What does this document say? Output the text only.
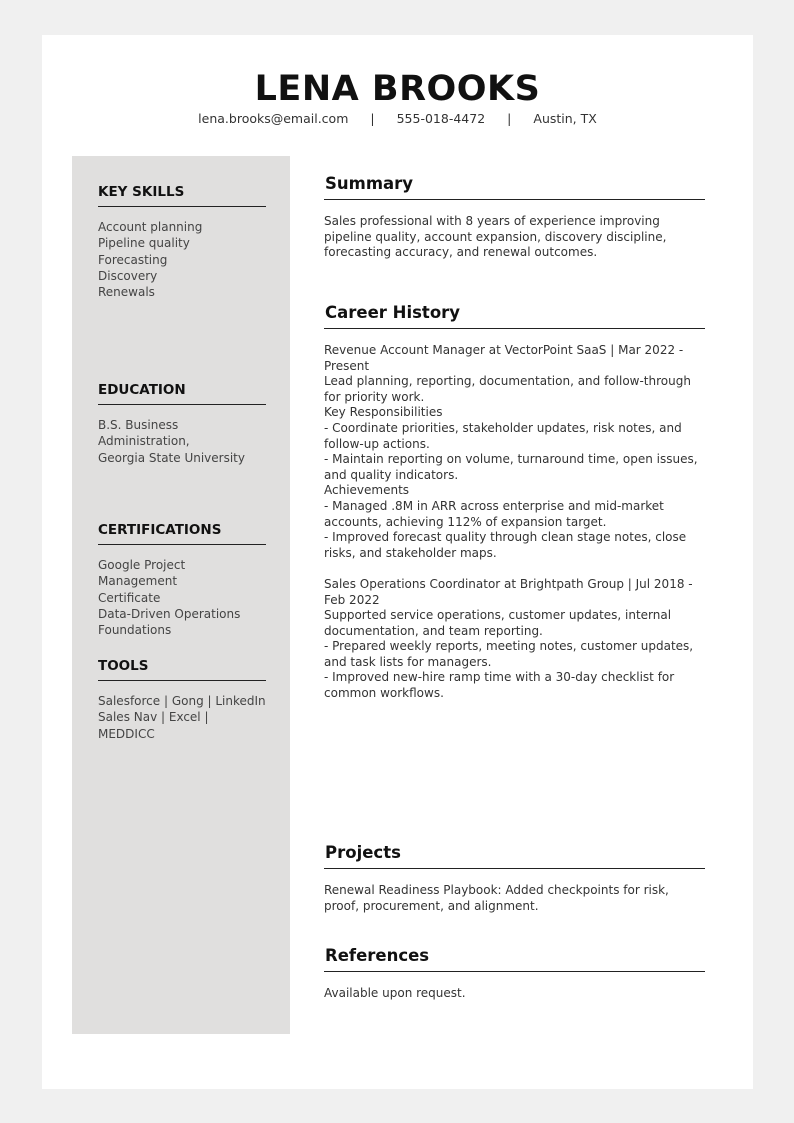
LENA BROOKS
lena.brooks@email.com | 555-018-4472 | Austin, TX
KEY SKILLS
Account planning
Pipeline quality
Forecasting
Discovery
Renewals
EDUCATION
B.S. Business Administration,
Georgia State University
CERTIFICATIONS
Google Project Management
Certificate
Data-Driven Operations
Foundations
TOOLS
Salesforce | Gong | LinkedIn
Sales Nav | Excel | MEDDICC
Summary
Sales professional with 8 years of experience improving pipeline quality, account expansion, discovery discipline, forecasting accuracy, and renewal outcomes.
Career History

Revenue Account Manager at VectorPoint SaaS | Mar 2022 - Present

Lead planning, reporting, documentation, and follow-through for priority work.

Key Responsibilities

- Coordinate priorities, stakeholder updates, risk notes, and follow-up actions.

- Maintain reporting on volume, turnaround time, open issues, and quality indicators.

Achievements

- Managed .8M in ARR across enterprise and mid-market accounts, achieving 112% of expansion target.

- Improved forecast quality through clean stage notes, close risks, and stakeholder maps.

Sales Operations Coordinator at Brightpath Group | Jul 2018 - Feb 2022

Supported service operations, customer updates, internal documentation, and team reporting.

- Prepared weekly reports, meeting notes, customer updates, and task lists for managers.

- Improved new-hire ramp time with a 30-day checklist for common workflows.

Projects
Renewal Readiness Playbook: Added checkpoints for risk, proof, procurement, and alignment.
References
Available upon request.
